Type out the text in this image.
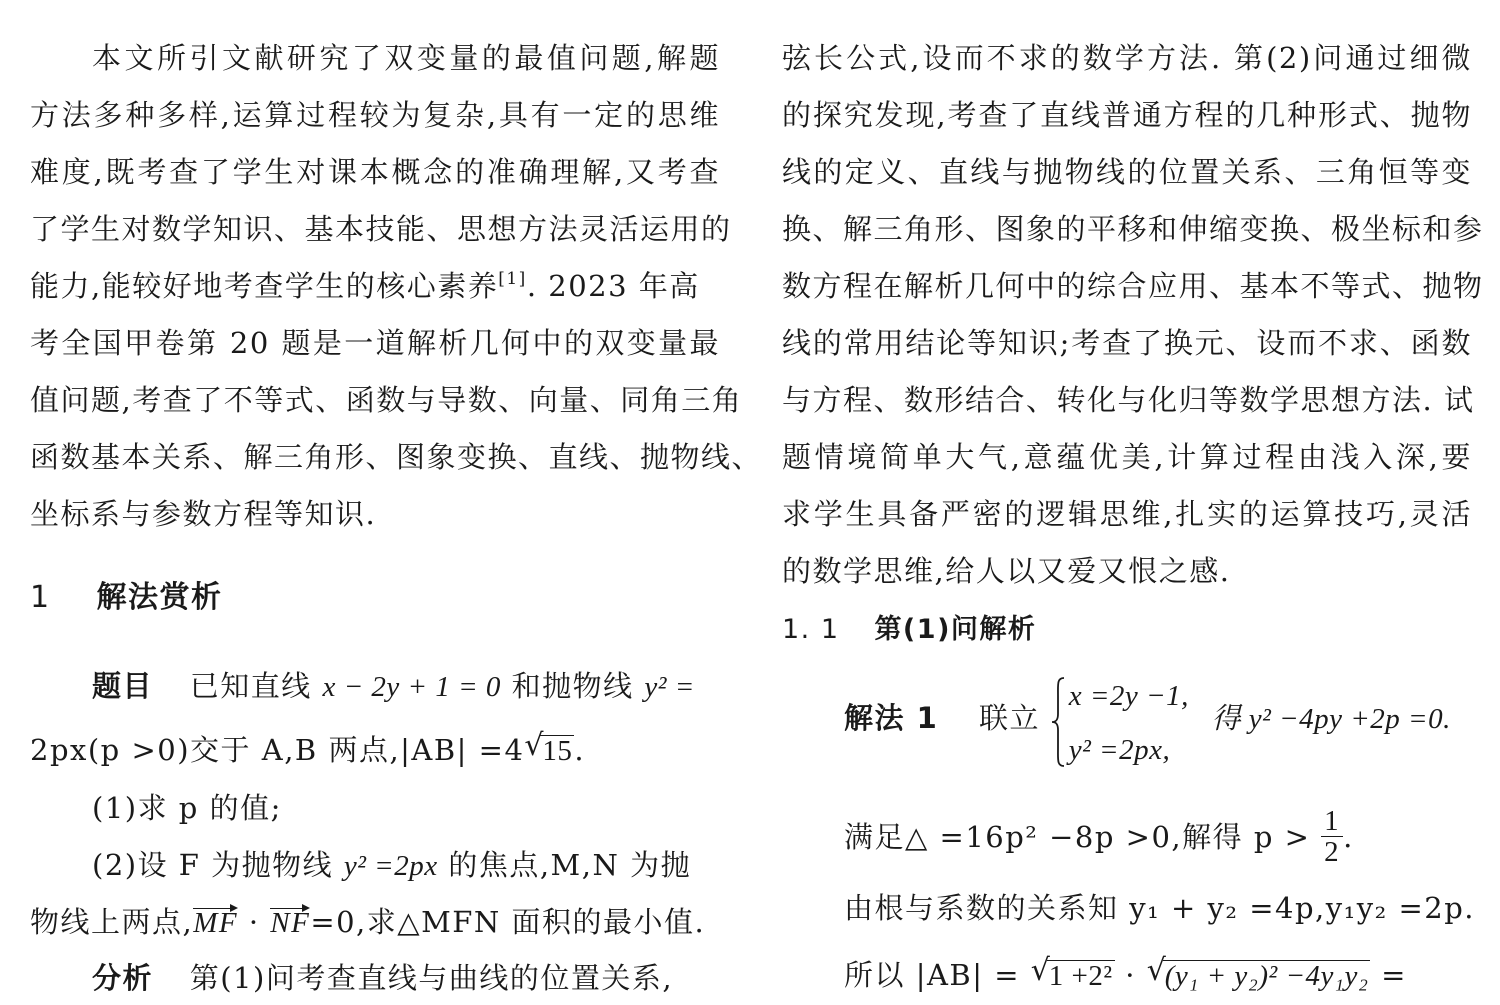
本文所引文献研究了双变量的最值问题,解题
方法多种多样,运算过程较为复杂,具有一定的思维
难度,既考查了学生对课本概念的准确理解,又考查
了学生对数学知识、基本技能、思想方法灵活运用的
能力,能较好地考查学生的核心素养[1]. 2023 年高
考全国甲卷第 20 题是一道解析几何中的双变量最
值问题,考查了不等式、函数与导数、向量、同角三角
函数基本关系、解三角形、图象变换、直线、抛物线、
坐标系与参数方程等知识.
1 解法赏析
题目 已知直线 x − 2y + 1 = 0 和抛物线 y² =
2px(p >0)交于 A,B 两点,|AB| =4 √
15.
(1)求 p 的值;
(2)设 F 为抛物线 y² =2px 的焦点,M,N 为抛
物线上两点,MF · NF=0,求△MFN 面积的最小值.
分析 第(1)问考查直线与曲线的位置关系,
弦长公式,设而不求的数学方法. 第(2)问通过细微
的探究发现,考查了直线普通方程的几种形式、抛物
线的定义、直线与抛物线的位置关系、三角恒等变
换、解三角形、图象的平移和伸缩变换、极坐标和参
数方程在解析几何中的综合应用、基本不等式、抛物
线的常用结论等知识;考查了换元、设而不求、函数
与方程、数形结合、转化与化归等数学思想方法. 试
题情境简单大气,意蕴优美,计算过程由浅入深,要
求学生具备严密的逻辑思维,扎实的运算技巧,灵活
的数学思维,给人以又爱又恨之感.
1. 1 第(1)问解析
解法 1 联立
x =2y −1,
y² =2px,
得 y² −4py +2p =0.
满足△ =16p² −8p >0,解得 $p > \frac{1}{2}$ .
由根与系数的关系知 y₁ + y₂ =4p,y₁y₂ =2p.
所以 |AB| = √
1 +2² · √
(y₁ + y₂)² −4y₁y₂ =
